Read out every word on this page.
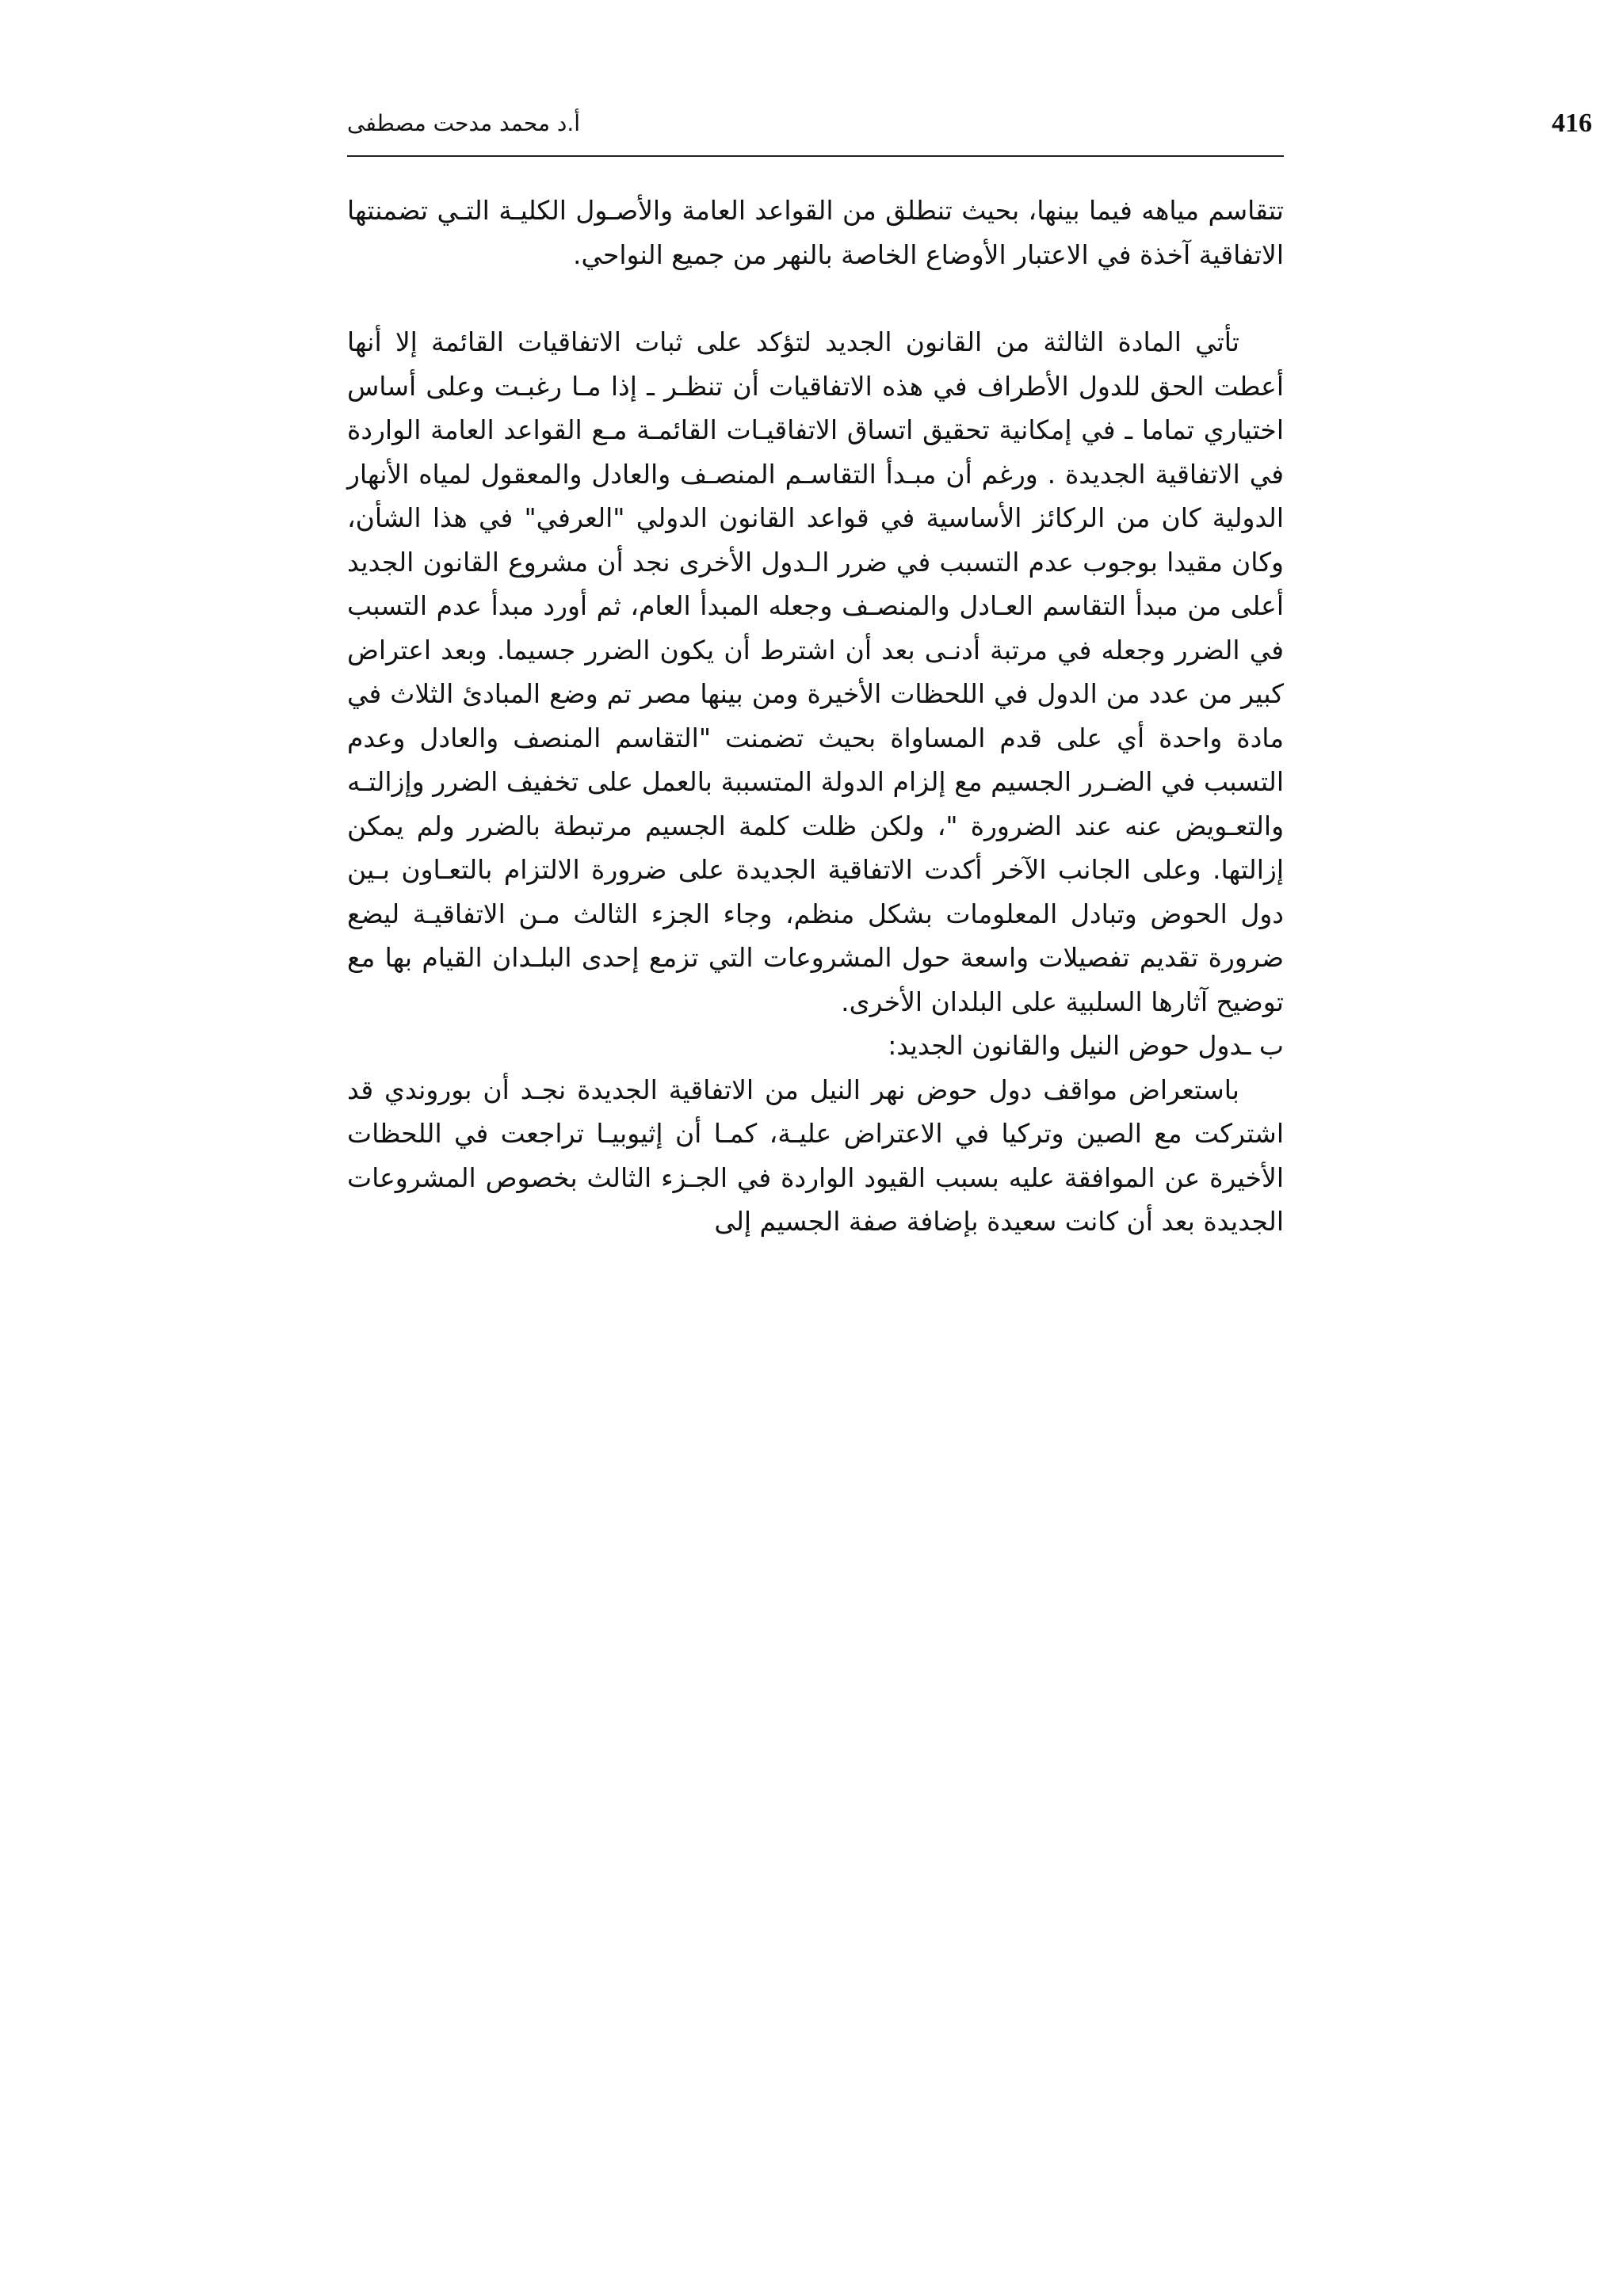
أ.د محمد مدحت مصطفى	416

تتقاسم مياهه فيما بينها، بحيث تنطلق من القواعد العامة والأصـول الكليـة التـي تضمنتها الاتفاقية آخذة في الاعتبار الأوضاع الخاصة بالنهر من جميع النواحي.

تأتي المادة الثالثة من القانون الجديد لتؤكد على ثبات الاتفاقيات القائمة إلا أنها أعطت الحق للدول الأطراف في هذه الاتفاقيات أن تنظـر ـ إذا مـا رغبـت وعلى أساس اختياري تماما ـ في إمكانية تحقيق اتساق الاتفاقيـات القائمـة مـع القواعد العامة الواردة في الاتفاقية الجديدة . ورغم أن مبـدأ التقاسـم المنصـف والعادل والمعقول لمياه الأنهار الدولية كان من الركائز الأساسية في قواعد القانون الدولي "العرفي" في هذا الشأن، وكان مقيدا بوجوب عدم التسبب في ضرر الـدول الأخرى نجد أن مشروع القانون الجديد أعلى من مبدأ التقاسم العـادل والمنصـف وجعله المبدأ العام، ثم أورد مبدأ عدم التسبب في الضرر وجعله في مرتبة أدنـى بعد أن اشترط أن يكون الضرر جسيما. وبعد اعتراض كبير من عدد من الدول في اللحظات الأخيرة ومن بينها مصر تم وضع المبادئ الثلاث في مادة واحدة أي على قدم المساواة بحيث تضمنت "التقاسم المنصف والعادل وعدم التسبب في الضـرر الجسيم مع إلزام الدولة المتسببة بالعمل على تخفيف الضرر وإزالتـه والتعـويض عنه عند الضرورة "، ولكن ظلت كلمة الجسيم مرتبطة بالضرر ولم يمكن إزالتها. وعلى الجانب الآخر أكدت الاتفاقية الجديدة على ضرورة الالتزام بالتعـاون بـين دول الحوض وتبادل المعلومات بشكل منظم، وجاء الجزء الثالث مـن الاتفاقيـة ليضع ضرورة تقديم تفصيلات واسعة حول المشروعات التي تزمع إحدى البلـدان القيام بها مع توضيح آثارها السلبية على البلدان الأخرى.

ب ـدول حوض النيل والقانون الجديد:

باستعراض مواقف دول حوض نهر النيل من الاتفاقية الجديدة نجـد أن بوروندي قد اشتركت مع الصين وتركيا في الاعتراض عليـة، كمـا أن إثيوبيـا تراجعت في اللحظات الأخيرة عن الموافقة عليه بسبب القيود الواردة في الجـزء الثالث بخصوص المشروعات الجديدة بعد أن كانت سعيدة بإضافة صفة الجسيم إلى
